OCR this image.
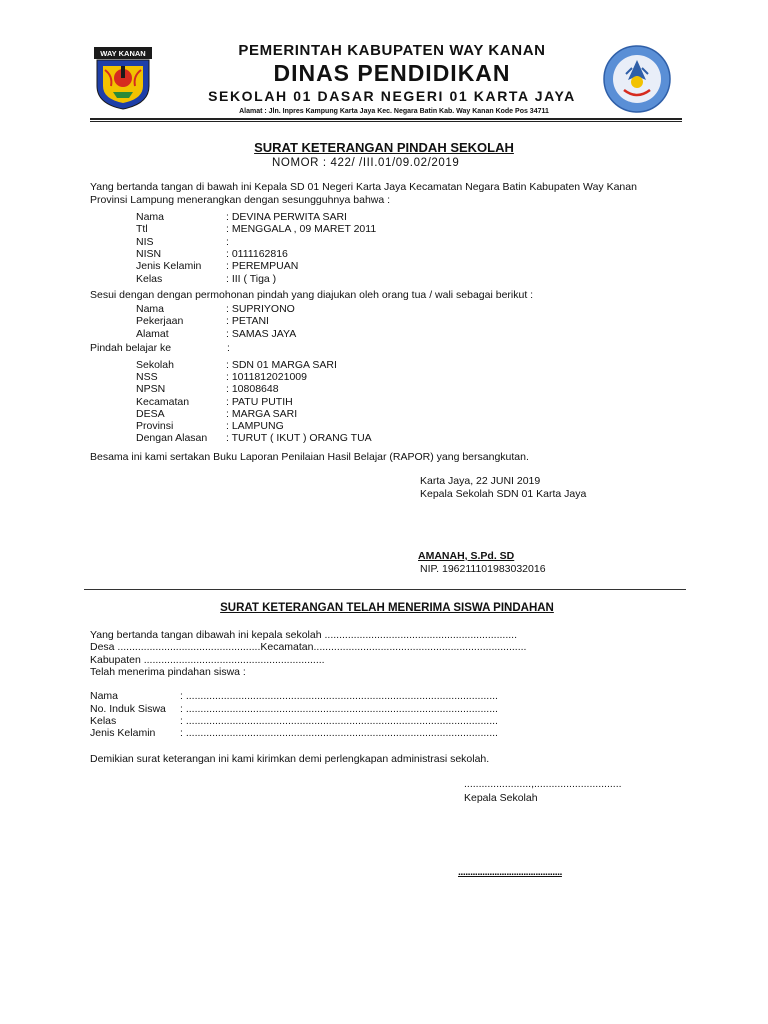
WAY KANAN	PEMERINTAH KABUPATEN WAY KANAN
DINAS PENDIDIKAN
SEKOLAH 01 DASAR NEGERI 01 KARTA JAYA
Alamat : Jln. Inpres Kampung Karta Jaya Kec. Negara Batin Kab. Way Kanan Kode Pos 34711
SURAT KETERANGAN PINDAH SEKOLAH
NOMOR : 422/ /III.01/09.02/2019
Yang bertanda tangan di bawah ini Kepala SD 01 Negeri Karta Jaya Kecamatan Negara Batin Kabupaten Way Kanan
Provinsi Lampung menerangkan dengan sesungguhnya bahwa :
Nama	: DEVINA PERWITA SARI
Ttl	: MENGGALA , 09 MARET 2011
NIS	:
NISN	: 0111162816
Jenis Kelamin : PEREMPUAN
Kelas	: III ( Tiga )
Sesui dengan dengan permohonan pindah yang diajukan oleh orang tua / wali sebagai berikut :
Nama	: SUPRIYONO
Pekerjaan	: PETANI
Alamat	: SAMAS JAYA
Pindah belajar ke	:
Sekolah	: SDN 01 MARGA SARI
NSS	: 1011812021009
NPSN	: 10808648
Kecamatan	: PATU PUTIH
DESA	: MARGA SARI
Provinsi	: LAMPUNG
Dengan Alasan : TURUT ( IKUT ) ORANG TUA
Besama ini kami sertakan Buku Laporan Penilaian Hasil Belajar (RAPOR) yang bersangkutan.
Karta Jaya, 22 JUNI 2019
Kepala Sekolah SDN 01 Karta Jaya
AMANAH, S.Pd. SD
NIP. 196211101983032016
SURAT KETERANGAN TELAH MENERIMA SISWA PINDAHAN
Yang bertanda tangan dibawah ini kepala sekolah ..................................................................
Desa .................................................Kecamatan.........................................................................
Kabupaten ..............................................................
Telah menerima pindahan siswa :
Nama	: ...........................................................................................................
No. Induk Siswa : ...........................................................................................................
Kelas	: ...........................................................................................................
Jenis Kelamin : ...........................................................................................................
Demikian surat keterangan ini kami kirimkan demi perlengkapan administrasi sekolah.
.......................,..............................
Kepala Sekolah
...........................................
